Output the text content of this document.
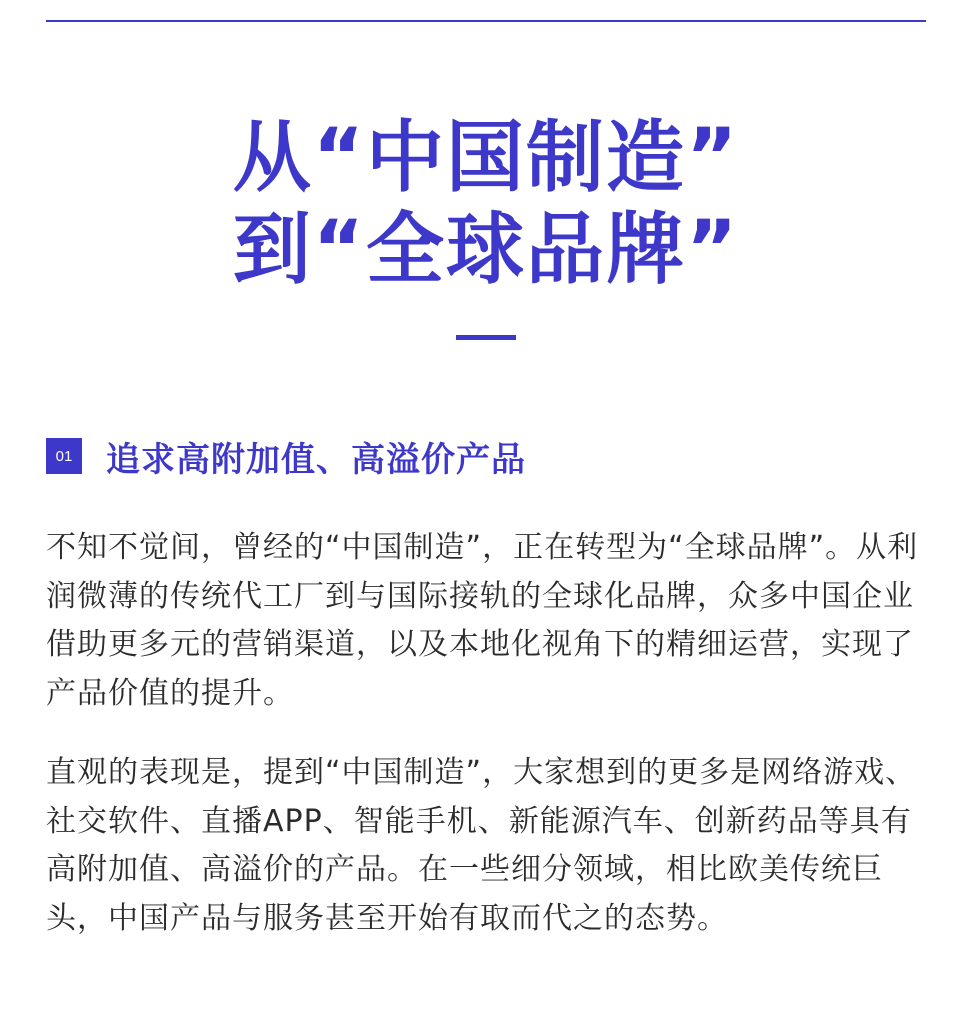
从“中国制造”
到“全球品牌”
01 追求高附加值、高溢价产品

不知不觉间，曾经的“中国制造”，正在转型为“全球品牌”。从利润微薄的传统代工厂到与国际接轨的全球化品牌，众多中国企业借助更多元的营销渠道，以及本地化视角下的精细运营，实现了产品价值的提升。

直观的表现是，提到“中国制造”，大家想到的更多是网络游戏、社交软件、直播APP、智能手机、新能源汽车、创新药品等具有高附加值、高溢价的产品。在一些细分领域，相比欧美传统巨头，中国产品与服务甚至开始有取而代之的态势。
